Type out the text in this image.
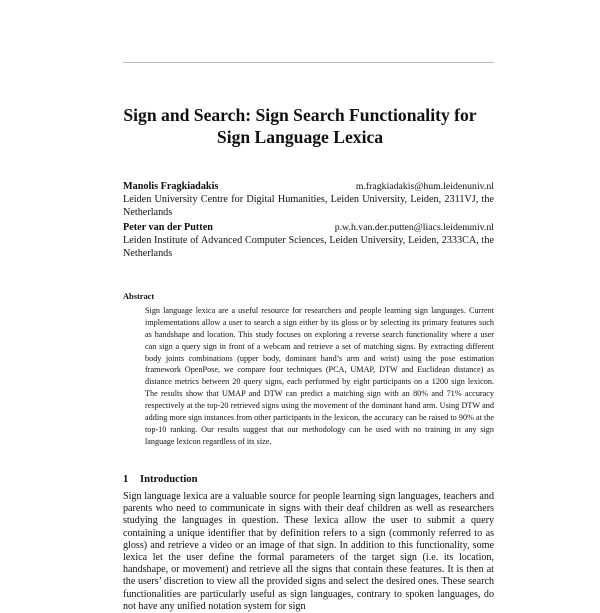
Sign and Search: Sign Search Functionality for
Sign Language Lexica
Manolis Fragkiadakis	m.fragkiadakis@hum.leidenuniv.nl
Leiden University Centre for Digital Humanities, Leiden University, Leiden, 2311VJ, the Netherlands
Peter van der Putten	p.w.h.van.der.putten@liacs.leidenuniv.nl
Leiden Institute of Advanced Computer Sciences, Leiden University, Leiden, 2333CA, the Netherlands
Abstract
Sign language lexica are a useful resource for researchers and people learning sign languages. Current implementations allow a user to search a sign either by its gloss or by selecting its primary features such as handshape and location. This study focuses on exploring a reverse search functionality where a user can sign a query sign in front of a webcam and retrieve a set of matching signs. By extracting different body joints combinations (upper body, dominant hand’s arm and wrist) using the pose estimation framework OpenPose, we compare four techniques (PCA, UMAP, DTW and Euclidean distance) as distance metrics between 20 query signs, each performed by eight participants on a 1200 sign lexicon. The results show that UMAP and DTW can predict a matching sign with an 80% and 71% accuracy respectively at the top-20 retrieved signs using the movement of the dominant hand arm. Using DTW and adding more sign instances from other participants in the lexicon, the accuracy can be raised to 90% at the top-10 ranking. Our results suggest that our methodology can be used with no training in any sign language lexicon regardless of its size.
1 Introduction

Sign language lexica are a valuable source for people learning sign languages, teachers and parents who need to communicate in signs with their deaf children as well as researchers studying the languages in question. These lexica allow the user to submit a query containing a unique identifier that by definition refers to a sign (commonly referred to as gloss) and retrieve a video or an image of that sign. In addition to this functionality, some lexica let the user define the formal parameters of the target sign (i.e. its location, handshape, or movement) and retrieve all the signs that contain these features. It is then at the users’ discretion to view all the provided signs and select the desired ones. These search functionalities are particularly useful as sign languages, contrary to spoken languages, do not have any unified notation system for sign
